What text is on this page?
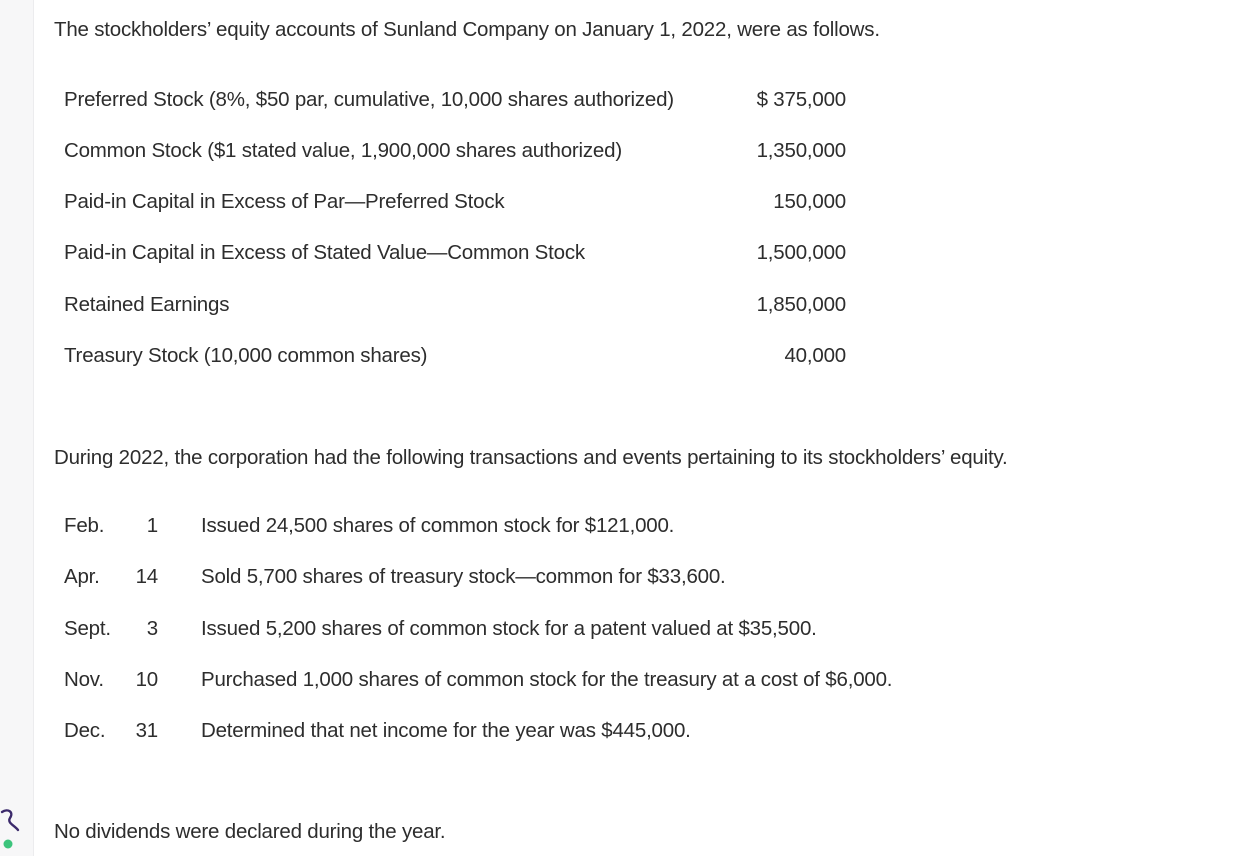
The stockholders’ equity accounts of Sunland Company on January 1, 2022, were as follows.
Preferred Stock (8%, $50 par, cumulative, 10,000 shares authorized)	$ 375,000
Common Stock ($1 stated value, 1,900,000 shares authorized)	1,350,000
Paid-in Capital in Excess of Par—Preferred Stock	150,000
Paid-in Capital in Excess of Stated Value—Common Stock	1,500,000
Retained Earnings	1,850,000
Treasury Stock (10,000 common shares)	40,000
During 2022, the corporation had the following transactions and events pertaining to its stockholders’ equity.
Feb.	1 Issued 24,500 shares of common stock for $121,000.
Apr.	14 Sold 5,700 shares of treasury stock—common for $33,600.
Sept.	3 Issued 5,200 shares of common stock for a patent valued at $35,500.
Nov.	10 Purchased 1,000 shares of common stock for the treasury at a cost of $6,000.
Dec.	31 Determined that net income for the year was $445,000.
No dividends were declared during the year.
